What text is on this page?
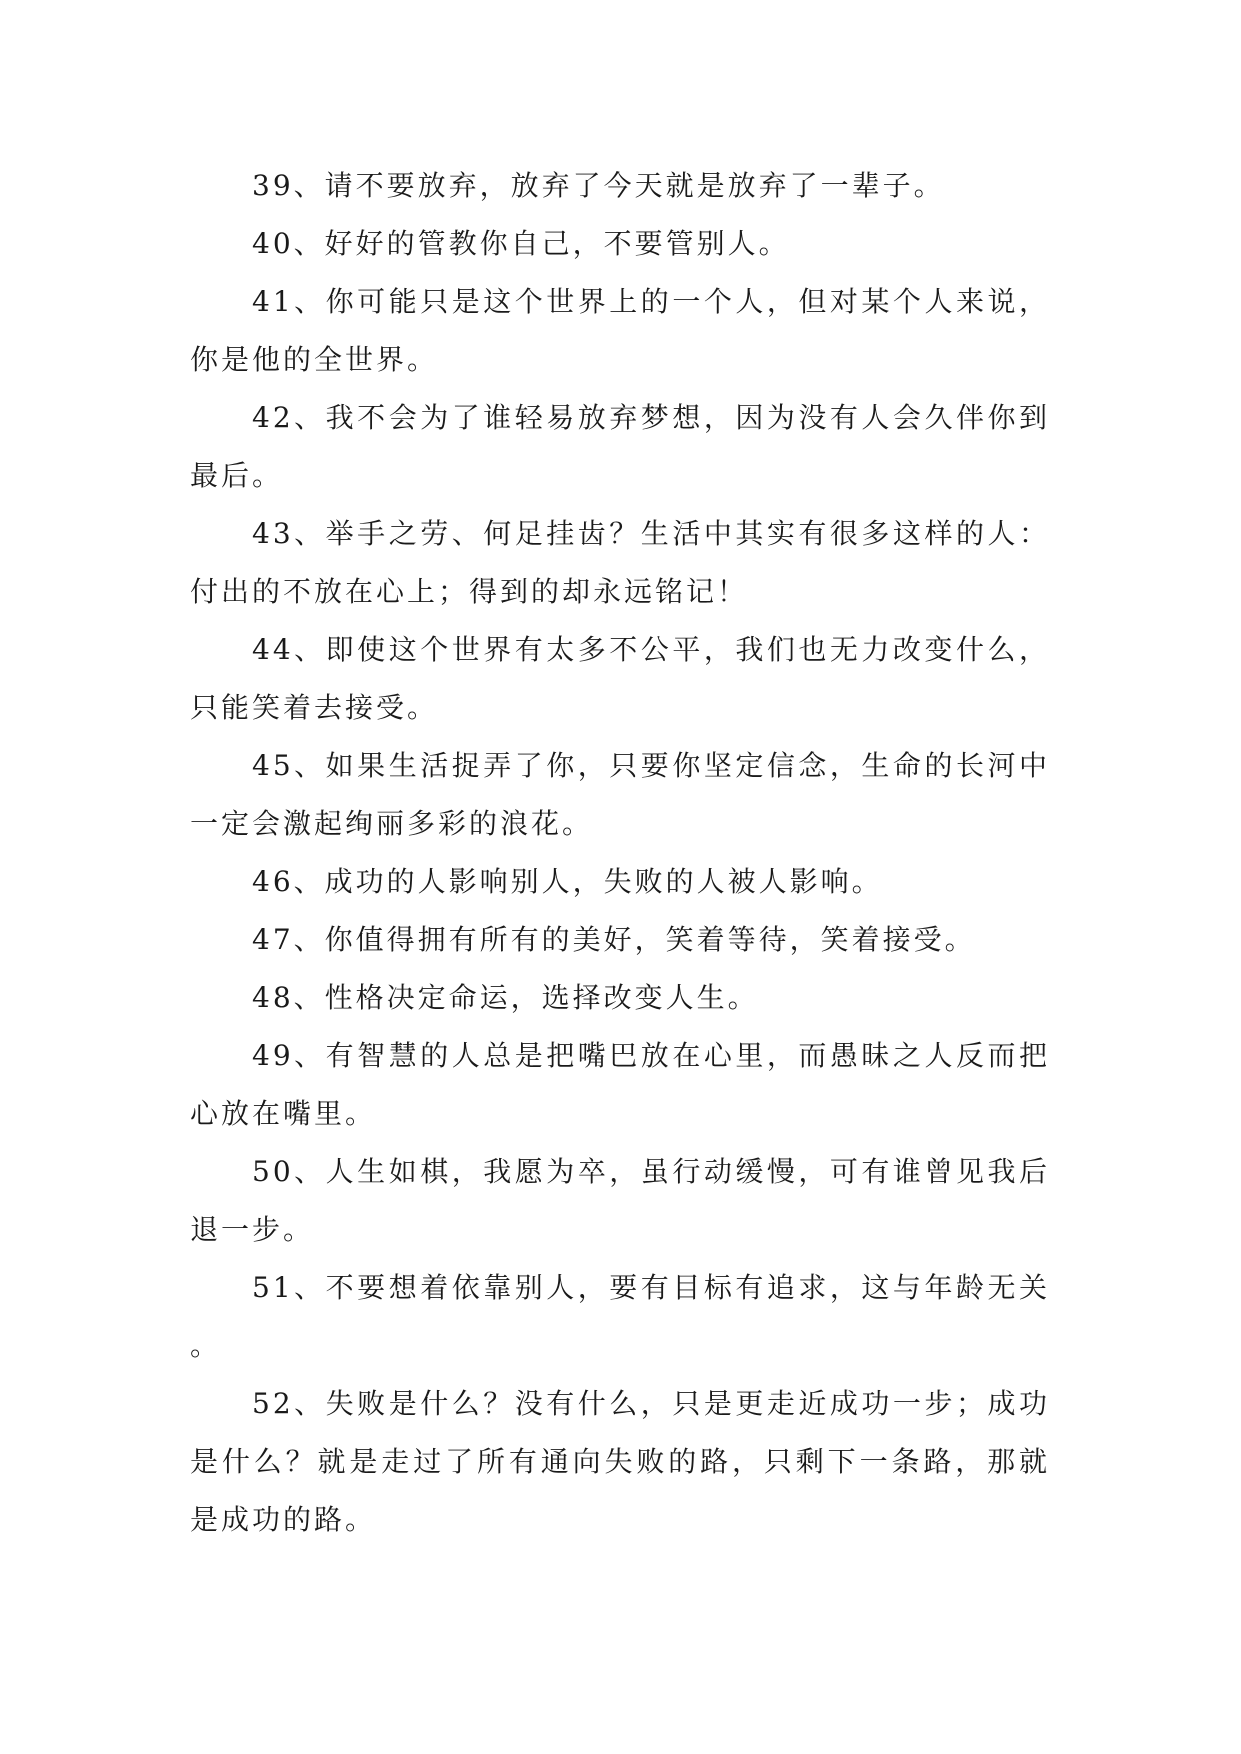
39、请不要放弃，放弃了今天就是放弃了一辈子。

40、好好的管教你自己，不要管别人。

41、你可能只是这个世界上的一个人，但对某个人来说，你是他的全世界。

42、我不会为了谁轻易放弃梦想，因为没有人会久伴你到最后。

43、举手之劳、何足挂齿？生活中其实有很多这样的人：付出的不放在心上；得到的却永远铭记！

44、即使这个世界有太多不公平，我们也无力改变什么，只能笑着去接受。

45、如果生活捉弄了你，只要你坚定信念，生命的长河中一定会激起绚丽多彩的浪花。

46、成功的人影响别人，失败的人被人影响。

47、你值得拥有所有的美好，笑着等待，笑着接受。

48、性格决定命运，选择改变人生。

49、有智慧的人总是把嘴巴放在心里，而愚昧之人反而把心放在嘴里。

50、人生如棋，我愿为卒，虽行动缓慢，可有谁曾见我后退一步。

51、不要想着依靠别人，要有目标有追求，这与年龄无关。

52、失败是什么？没有什么，只是更走近成功一步；成功是什么？就是走过了所有通向失败的路，只剩下一条路，那就是成功的路。
